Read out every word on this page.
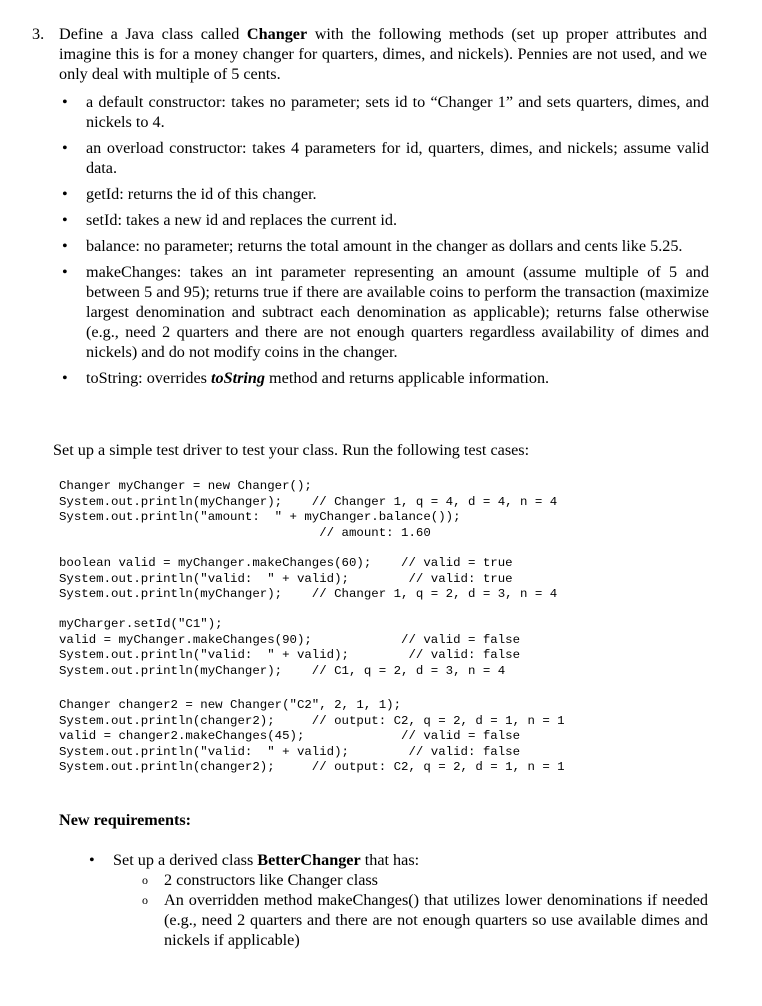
3. Define a Java class called Changer with the following methods (set up proper attributes and imagine this is for a money changer for quarters, dimes, and nickels). Pennies are not used, and we only deal with multiple of 5 cents.
• a default constructor: takes no parameter; sets id to “Changer 1” and sets quarters, dimes, and nickels to 4.
• an overload constructor: takes 4 parameters for id, quarters, dimes, and nickels; assume valid data.
• getId: returns the id of this changer.
• setId: takes a new id and replaces the current id.
• balance: no parameter; returns the total amount in the changer as dollars and cents like 5.25.
• makeChanges: takes an int parameter representing an amount (assume multiple of 5 and between 5 and 95); returns true if there are available coins to perform the transaction (maximize largest denomination and subtract each denomination as applicable); returns false otherwise (e.g., need 2 quarters and there are not enough quarters regardless availability of dimes and nickels) and do not modify coins in the changer.
• toString: overrides toString method and returns applicable information.
Set up a simple test driver to test your class. Run the following test cases:
Changer myChanger = new Changer();
System.out.println(myChanger);    // Changer 1, q = 4, d = 4, n = 4
System.out.println("amount:  " + myChanger.balance());
// amount: 1.60
boolean valid = myChanger.makeChanges(60);    // valid = true
System.out.println("valid:  " + valid);        // valid: true
System.out.println(myChanger);    // Changer 1, q = 2, d = 3, n = 4
myCharger.setId("C1");
valid = myChanger.makeChanges(90);            // valid = false
System.out.println("valid:  " + valid);        // valid: false
System.out.println(myChanger);    // C1, q = 2, d = 3, n = 4
Changer changer2 = new Changer("C2", 2, 1, 1);
System.out.println(changer2);     // output: C2, q = 2, d = 1, n = 1
valid = changer2.makeChanges(45);             // valid = false
System.out.println("valid:  " + valid);        // valid: false
System.out.println(changer2);     // output: C2, q = 2, d = 1, n = 1
New requirements:
• Set up a derived class BetterChanger that has:
o 2 constructors like Changer class
o An overridden method makeChanges() that utilizes lower denominations if needed (e.g., need 2 quarters and there are not enough quarters so use available dimes and nickels if applicable)
